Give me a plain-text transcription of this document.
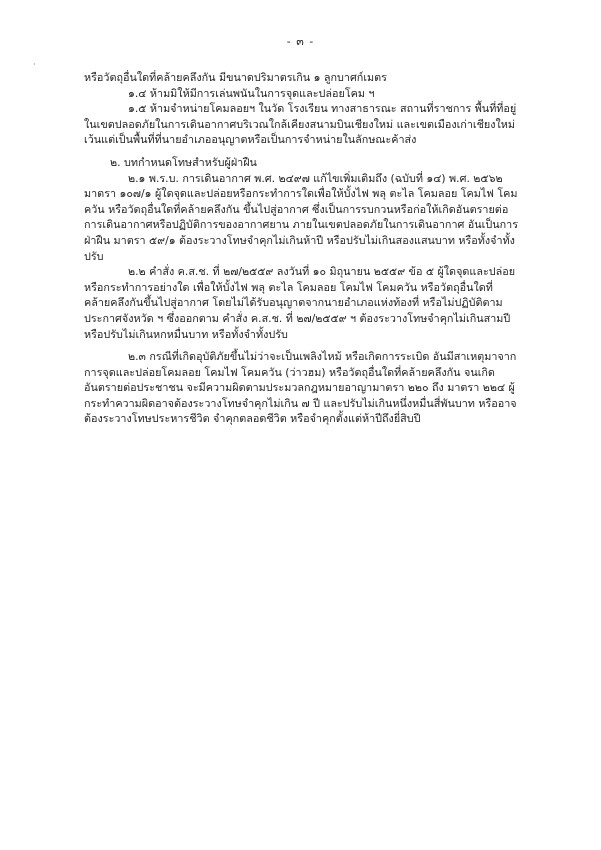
- ๓ -
·

หรือวัตถุอื่นใดที่คล้ายคลึงกัน มีขนาดปริมาตรเกิน ๑ ลูกบาศก์เมตร

๑.๔ ห้ามมิให้มีการเล่นพนันในการจุดและปล่อยโคม ฯ

๑.๕ ห้ามจำหน่ายโคมลอยฯ ในวัด โรงเรียน ทางสาธารณะ สถานที่ราชการ พื้นที่ที่อยู่ในเขตปลอดภัยในการเดินอากาศบริเวณใกล้เคียงสนามบินเชียงใหม่ และเขตเมืองเก่าเชียงใหม่ เว้นแต่เป็นพื้นที่ที่นายอำเภออนุญาตหรือเป็นการจำหน่ายในลักษณะค้าส่ง

๒. บทกำหนดโทษสำหรับผู้ฝ่าฝืน

๒.๑ พ.ร.บ. การเดินอากาศ พ.ศ. ๒๔๙๗ แก้ไขเพิ่มเติมถึง (ฉบับที่ ๑๔) พ.ศ. ๒๕๖๒ มาตรา ๑๐๗/๑ ผู้ใดจุดและปล่อยหรือกระทำการใดเพื่อให้บั้งไฟ พลุ ตะไล โคมลอย โคมไฟ โคมควัน หรือวัตถุอื่นใดที่คล้ายคลึงกัน ขึ้นไปสู่อากาศ ซึ่งเป็นการรบกวนหรือก่อให้เกิดอันตรายต่อการเดินอากาศหรือปฏิบัติการของอากาศยาน ภายในเขตปลอดภัยในการเดินอากาศ อันเป็นการฝ่าฝืน มาตรา ๕๙/๑ ต้องระวางโทษจำคุกไม่เกินห้าปี หรือปรับไม่เกินสองแสนบาท หรือทั้งจำทั้งปรับ

๒.๒ คำสั่ง ค.ส.ช. ที่ ๒๗/๒๕๕๙ ลงวันที่ ๑๐ มิถุนายน ๒๕๕๙ ข้อ ๕ ผู้ใดจุดและปล่อยหรือกระทำการอย่างใด เพื่อให้บั้งไฟ พลุ ตะไล โคมลอย โคมไฟ โคมควัน หรือวัตถุอื่นใดที่คล้ายคลึงกันขึ้นไปสู่อากาศ โดยไม่ได้รับอนุญาตจากนายอำเภอแห่งท้องที่ หรือไม่ปฏิบัติตามประกาศจังหวัด ฯ ซึ่งออกตาม คำสั่ง ค.ส.ช. ที่ ๒๗/๒๕๕๙ ฯ ต้องระวางโทษจำคุกไม่เกินสามปี หรือปรับไม่เกินหกหมื่นบาท หรือทั้งจำทั้งปรับ

๒.๓ กรณีที่เกิดอุบัติภัยขึ้นไม่ว่าจะเป็นเพลิงไหม้ หรือเกิดการระเบิด อันมีสาเหตุมาจากการจุดและปล่อยโคมลอย โคมไฟ โคมควัน (ว่าวฮม) หรือวัตถุอื่นใดที่คล้ายคลึงกัน จนเกิดอันตรายต่อประชาชน จะมีความผิดตามประมวลกฎหมายอาญามาตรา ๒๒๐ ถึง มาตรา ๒๒๔ ผู้กระทำความผิดอาจต้องระวางโทษจำคุกไม่เกิน ๗ ปี และปรับไม่เกินหนึ่งหมื่นสี่พันบาท หรืออาจต้องระวางโทษประหารชีวิต จำคุกตลอดชีวิต หรือจำคุกตั้งแต่ห้าปีถึงยี่สิบปี
